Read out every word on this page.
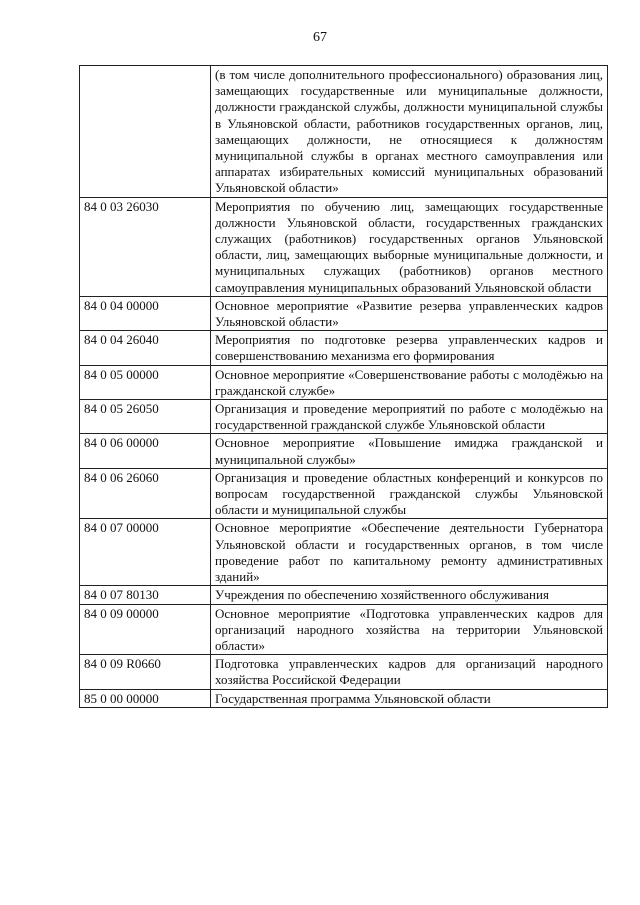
67
	(в том числе дополнительного профессионального) образования лиц, замещающих государственные или муниципальные должности, должности гражданской службы, должности муниципальной службы в Ульяновской области, работников государственных органов, лиц, замещающих должности, не относящиеся к должностям муниципальной службы в органах местного самоуправления или аппаратах избирательных комиссий муниципальных образований Ульяновской области»
84 0 03 26030	Мероприятия по обучению лиц, замещающих государственные должности Ульяновской области, государственных гражданских служащих (работников) государственных органов Ульяновской области, лиц, замещающих выборные муниципальные должности, и муниципальных служащих (работников) органов местного самоуправления муниципальных образований Ульяновской области
84 0 04 00000	Основное мероприятие «Развитие резерва управленческих кадров Ульяновской области»
84 0 04 26040	Мероприятия по подготовке резерва управленческих кадров и совершенствованию механизма его формирования
84 0 05 00000	Основное мероприятие «Совершенствование работы с молодёжью на гражданской службе»
84 0 05 26050	Организация и проведение мероприятий по работе с молодёжью на государственной гражданской службе Ульяновской области
84 0 06 00000	Основное мероприятие «Повышение имиджа гражданской и муниципальной службы»
84 0 06 26060	Организация и проведение областных конференций и конкурсов по вопросам государственной гражданской службы Ульяновской области и муниципальной службы
84 0 07 00000	Основное мероприятие «Обеспечение деятельности Губернатора Ульяновской области и государственных органов, в том числе проведение работ по капитальному ремонту административных зданий»
84 0 07 80130	Учреждения по обеспечению хозяйственного обслуживания
84 0 09 00000	Основное мероприятие «Подготовка управленческих кадров для организаций народного хозяйства на территории Ульяновской области»
84 0 09 R0660	Подготовка управленческих кадров для организаций народного хозяйства Российской Федерации
85 0 00 00000	Государственная программа Ульяновской области
